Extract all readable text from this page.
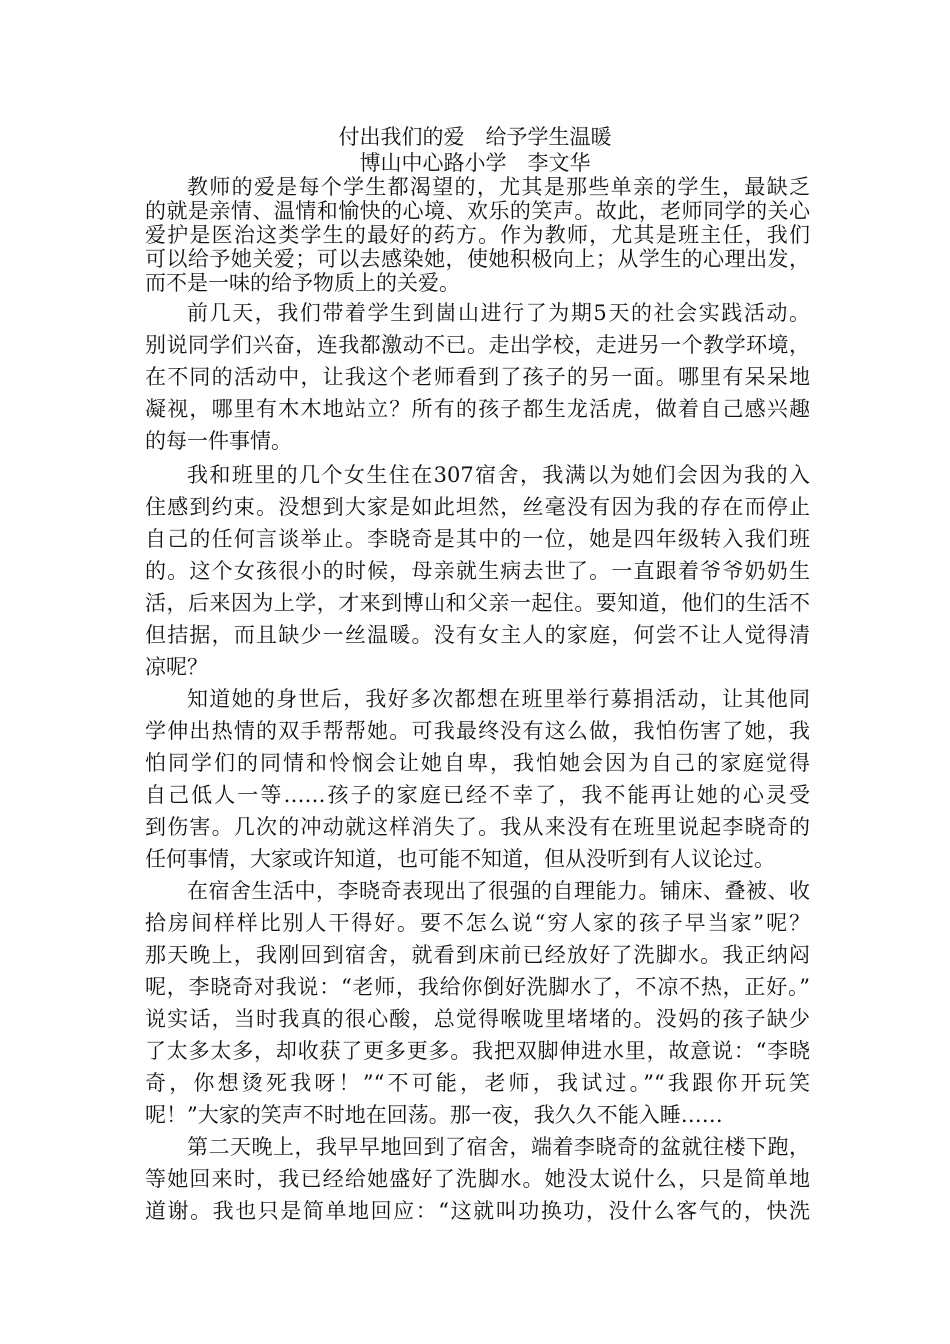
付出我们的爱　给予学生温暖
博山中心路小学　李文华
教师的爱是每个学生都渴望的，尤其是那些单亲的学生，最缺乏
的就是亲情、温情和愉快的心境、欢乐的笑声。故此，老师同学的关心
爱护是医治这类学生的最好的药方。作为教师，尤其是班主任，我们
可以给予她关爱；可以去感染她，使她积极向上；从学生的心理出发，
而不是一味的给予物质上的关爱。
前几天，我们带着学生到崮山进行了为期5天的社会实践活动。
别说同学们兴奋，连我都激动不已。走出学校，走进另一个教学环境，
在不同的活动中，让我这个老师看到了孩子的另一面。哪里有呆呆地
凝视，哪里有木木地站立？所有的孩子都生龙活虎，做着自己感兴趣
的每一件事情。
我和班里的几个女生住在307宿舍，我满以为她们会因为我的入
住感到约束。没想到大家是如此坦然，丝毫没有因为我的存在而停止
自己的任何言谈举止。李晓奇是其中的一位，她是四年级转入我们班
的。这个女孩很小的时候，母亲就生病去世了。一直跟着爷爷奶奶生
活，后来因为上学，才来到博山和父亲一起住。要知道，他们的生活不
但拮据，而且缺少一丝温暖。没有女主人的家庭，何尝不让人觉得清
凉呢？
知道她的身世后，我好多次都想在班里举行募捐活动，让其他同
学伸出热情的双手帮帮她。可我最终没有这么做，我怕伤害了她，我
怕同学们的同情和怜悯会让她自卑，我怕她会因为自己的家庭觉得
自己低人一等……孩子的家庭已经不幸了，我不能再让她的心灵受
到伤害。几次的冲动就这样消失了。我从来没有在班里说起李晓奇的
任何事情，大家或许知道，也可能不知道，但从没听到有人议论过。
在宿舍生活中，李晓奇表现出了很强的自理能力。铺床、叠被、收
拾房间样样比别人干得好。要不怎么说“穷人家的孩子早当家”呢？
那天晚上，我刚回到宿舍，就看到床前已经放好了洗脚水。我正纳闷
呢，李晓奇对我说：“老师，我给你倒好洗脚水了，不凉不热，正好。”
说实话，当时我真的很心酸，总觉得喉咙里堵堵的。没妈的孩子缺少
了太多太多，却收获了更多更多。我把双脚伸进水里，故意说：“李晓
奇，你想烫死我呀！”“不可能，老师，我试过。”“我跟你开玩笑
呢！”大家的笑声不时地在回荡。那一夜，我久久不能入睡……
第二天晚上，我早早地回到了宿舍，端着李晓奇的盆就往楼下跑，
等她回来时，我已经给她盛好了洗脚水。她没太说什么，只是简单地
道谢。我也只是简单地回应：“这就叫功换功，没什么客气的，快洗
